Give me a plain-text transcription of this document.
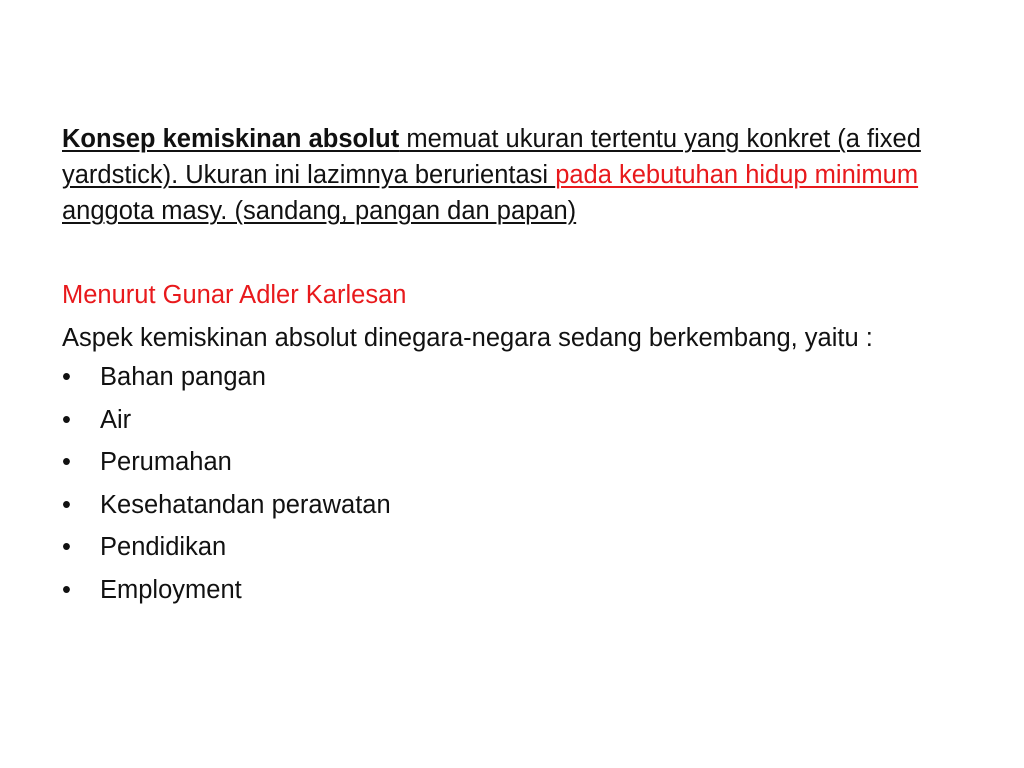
Konsep kemiskinan absolut memuat ukuran tertentu yang konkret (a fixed yardstick). Ukuran ini lazimnya berurientasi pada kebutuhan hidup minimum anggota masy. (sandang, pangan dan papan)

Menurut Gunar Adler Karlesan

Aspek kemiskinan absolut dinegara-negara sedang berkembang, yaitu :

•	Bahan pangan
•	Air
•	Perumahan
•	Kesehatandan perawatan
•	Pendidikan
•	Employment
